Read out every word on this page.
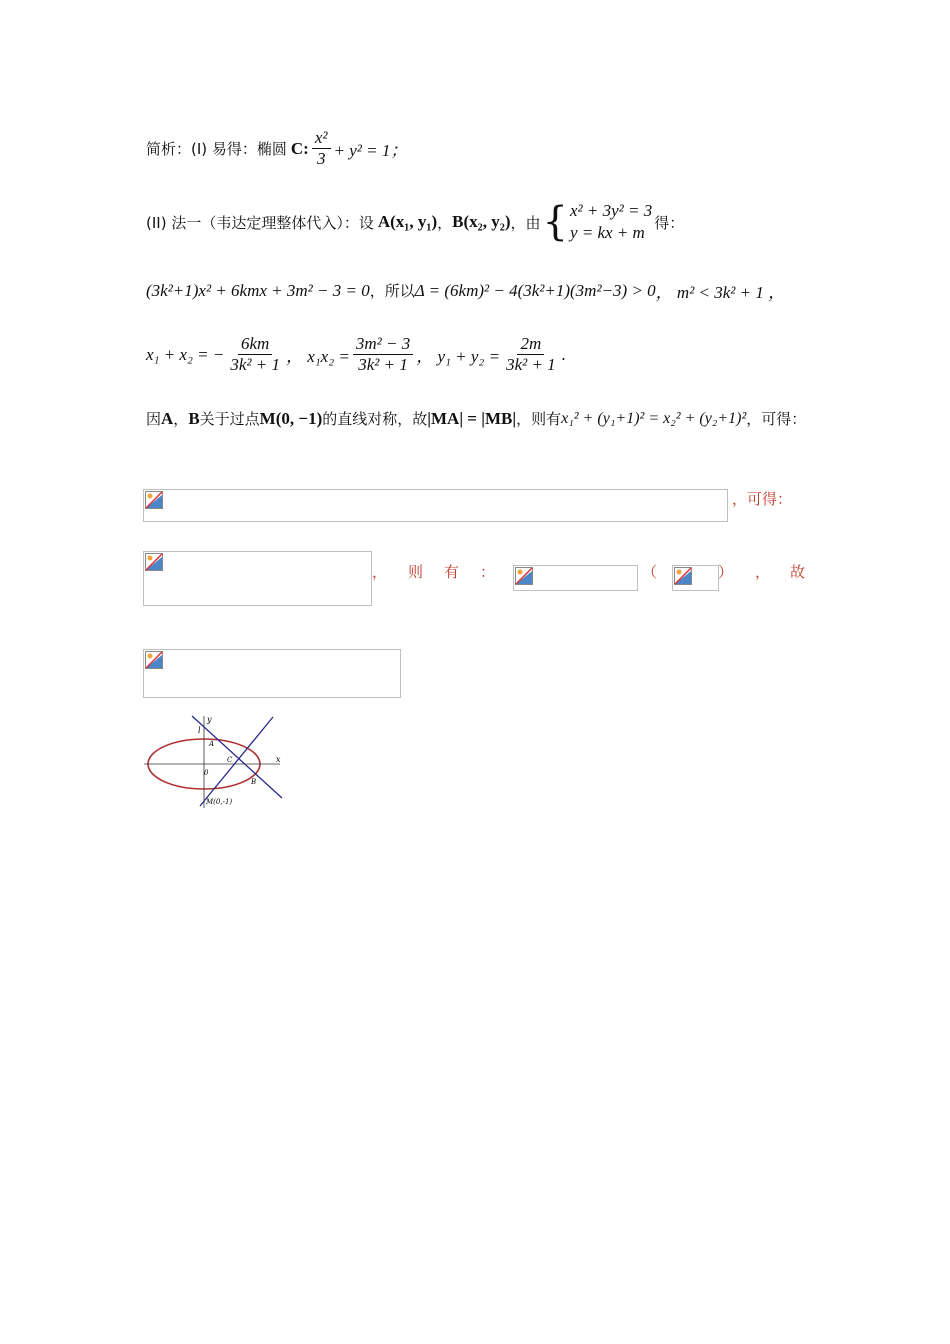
简析：(I) 易得：椭圆 C: $\frac{\text{x²}}{3} + y^2 = 1$；
(II) 法一（韦达定理整体代入）：设 A(x₁, y₁) ， B(x₂, y₂) ，由 { x² + 3y² = 3
y = kx + m
得：
(3k²+1)x² + 6kmx + 3m² − 3 = 0 ，所以 Δ = (6km)² − 4(3k²+1)(3m²−3) > 0 ， m² < 3k² + 1 ，
x₁ + x₂ = − $\frac{6km}{\text{3k² + 1}}$ ， $x_1x_2 = \frac{\text{3m² − 3}}{\text{3k² + 1}}$ ， $y_1 + y_2 = \frac{2m}{\text{3k² + 1}}$ .
因 A ， B 关于过点 M(0, −1) 的直线对称，故 |MA| = |MB| ，则有 x₁² + (y₁+1)² = x₂² + (y₂+1)² ，可得：
，可得：
， 则 有 ：	（	） ， 故
y
x
l
A
C
0
B
M(0,-1)
